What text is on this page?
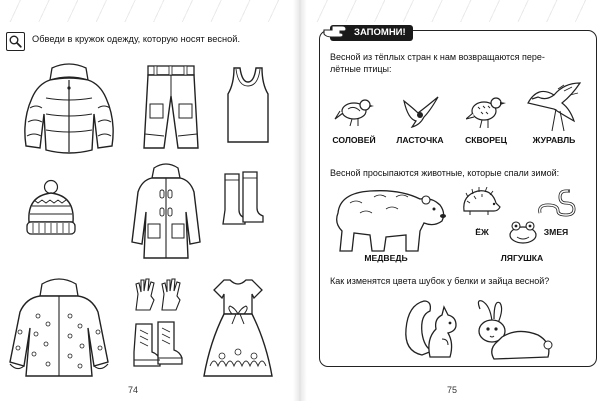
Обведи в кружок одежду, которую носят весной.
74
ЗАПОМНИ!
Весной из тёплых стран к нам возвращаются пере-
лётные птицы:
СОЛОВЕЙ ЛАСТОЧКА СКВОРЕЦ	ЖУРАВЛЬ
Весной просыпаются животные, которые спали зимой:
МЕДВЕДЬ
ЁЖ	ЗМЕЯ
ЛЯГУШКА
Как изменятся цвета шубок у белки и зайца весной?
75
